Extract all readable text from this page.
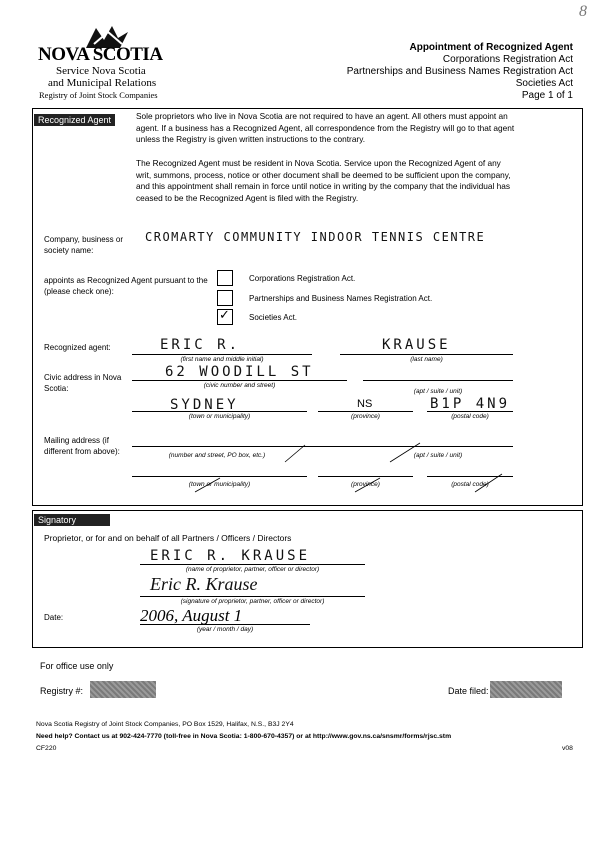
8
NOVA SCOTIA
Service Nova Scotia
and Municipal Relations
Registry of Joint Stock Companies
Appointment of Recognized Agent
Corporations Registration Act
Partnerships and Business Names Registration Act
Societies Act
Page 1 of 1
Recognized Agent	Sole proprietors who live in Nova Scotia are not required to have an agent. All others must appoint an agent. If a business has a Recognized Agent, all correspondence from the Registry will go to that agent unless the Registry is given written instructions to the contrary.
The Recognized Agent must be resident in Nova Scotia. Service upon the Recognized Agent of any writ, summons, process, notice or other document shall be deemed to be sufficient upon the company, and this appointment shall remain in force until notice in writing by the company that the individual has ceased to be the Recognized Agent is filed with the Registry.
Company, business or society name:
CROMARTY COMMUNITY INDOOR TENNIS CENTRE
appoints as Recognized Agent pursuant to the (please check one):
Corporations Registration Act.
Partnerships and Business Names Registration Act.
✓ Societies Act.
Recognized agent:	ERIC R.
(first name and middle initial)
KRAUSE
(last name)
Civic address in Nova Scotia:
62 WOODILL ST
(civic number and street)
(apt / suite / unit)
SYDNEY
(town or municipality)
NS
(province)
B1P 4N9
(postal code)
Mailing address (if different from above):	(number and street, PO box, etc.)	(apt / suite / unit)
(town or municipality)	(province)	(postal code)
Signatory
Proprietor, or for and on behalf of all Partners / Officers / Directors
ERIC R. KRAUSE
(name of proprietor, partner, officer or director)
Eric R. Krause
(signature of proprietor, partner, officer or director)
Date:	2006, August 1
(year / month / day)
For office use only
Registry #:	Date filed:
Nova Scotia Registry of Joint Stock Companies, PO Box 1529, Halifax, N.S., B3J 2Y4
Need help? Contact us at 902-424-7770 (toll-free in Nova Scotia: 1-800-670-4357) or at http://www.gov.ns.ca/snsmr/forms/rjsc.stm
CF220	v08
